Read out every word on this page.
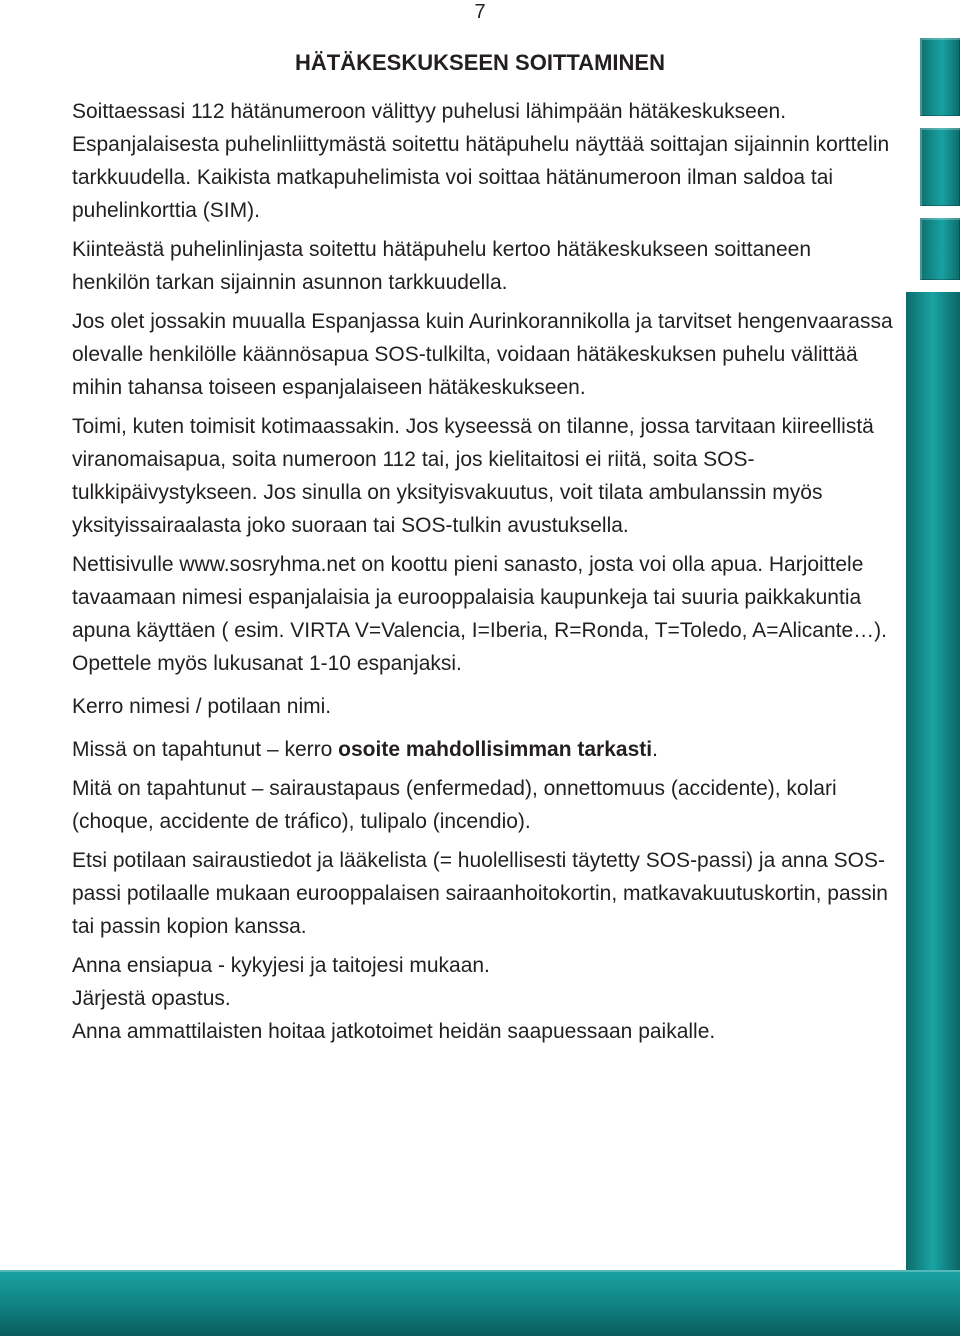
7
HÄTÄKESKUKSEEN SOITTAMINEN

Soittaessasi 112 hätänumeroon välittyy puhelusi lähimpään hätäkeskukseen. Espanjalaisesta puhelinliittymästä soitettu hätäpuhelu näyttää soittajan sijainnin korttelin tarkkuudella. Kaikista matkapuhelimista voi soittaa hätänumeroon ilman saldoa tai puhelinkorttia (SIM).

Kiinteästä puhelinlinjasta soitettu hätäpuhelu kertoo hätäkeskukseen soittaneen henkilön tarkan sijainnin asunnon tarkkuudella.

Jos olet jossakin muualla Espanjassa kuin Aurinkorannikolla ja tarvitset hengenvaarassa olevalle henkilölle käännösapua SOS-tulkilta, voidaan hätäkeskuksen puhelu välittää mihin tahansa toiseen espanjalaiseen hätäkeskukseen.

Toimi, kuten toimisit kotimaassakin. Jos kyseessä on tilanne, jossa tarvitaan kiireellistä viranomaisapua, soita numeroon 112 tai, jos kielitaitosi ei riitä, soita SOS-tulkkipäivystykseen. Jos sinulla on yksityisvakuutus, voit tilata ambulanssin myös yksityissairaalasta joko suoraan tai SOS-tulkin avustuksella.

Nettisivulle www.sosryhma.net on koottu pieni sanasto, josta voi olla apua. Harjoittele tavaamaan nimesi espanjalaisia ja eurooppalaisia kaupunkeja tai suuria paikkakuntia apuna käyttäen ( esim. VIRTA V=Valencia, I=Iberia, R=Ronda, T=Toledo, A=Alicante…). Opettele myös lukusanat 1-10 espanjaksi.

Kerro nimesi / potilaan nimi.

Missä on tapahtunut – kerro osoite mahdollisimman tarkasti.

Mitä on tapahtunut – sairaustapaus (enfermedad), onnettomuus (accidente), kolari (choque, accidente de tráfico), tulipalo (incendio).

Etsi potilaan sairaustiedot ja lääkelista (= huolellisesti täytetty SOS-passi) ja anna SOS-passi potilaalle mukaan eurooppalaisen sairaanhoitokortin, matkavakuutuskortin, passin tai passin kopion kanssa.

Anna ensiapua - kykyjesi ja taitojesi mukaan.

Järjestä opastus.

Anna ammattilaisten hoitaa jatkotoimet heidän saapuessaan paikalle.
